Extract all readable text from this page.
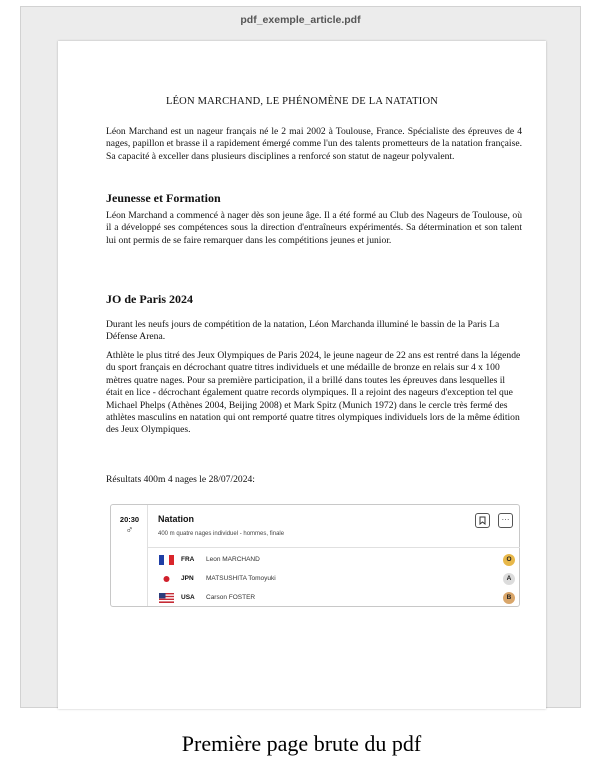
pdf_exemple_article.pdf
LÉON MARCHAND, LE PHÉNOMÈNE DE LA NATATION
Léon Marchand est un nageur français né le 2 mai 2002 à Toulouse, France. Spécialiste des épreuves de 4 nages, papillon et brasse il a rapidement émergé comme l'un des talents prometteurs de la natation française. Sa capacité à exceller dans plusieurs disciplines a renforcé son statut de nageur polyvalent.
Jeunesse et Formation
Léon Marchand a commencé à nager dès son jeune âge. Il a été formé au Club des Nageurs de Toulouse, où il a développé ses compétences sous la direction d'entraîneurs expérimentés. Sa détermination et son talent lui ont permis de se faire remarquer dans les compétitions jeunes et junior.
JO de Paris 2024
Durant les neufs jours de compétition de la natation, Léon Marchanda illuminé le bassin de la Paris La Défense Arena.
Athlète le plus titré des Jeux Olympiques de Paris 2024, le jeune nageur de 22 ans est rentré dans la légende du sport français en décrochant quatre titres individuels et une médaille de bronze en relais sur 4 x 100 mètres quatre nages. Pour sa première participation, il a brillé dans toutes les épreuves dans lesquelles il était en lice - décrochant également quatre records olympiques. Il a rejoint des nageurs d'exception tel que Michael Phelps (Athènes 2004, Beijing 2008) et Mark Spitz (Munich 1972) dans le cercle très fermé des athlètes masculins en natation qui ont remporté quatre titres olympiques individuels lors de la même édition des Jeux Olympiques.
Résultats 400m 4 nages le 28/07/2024:
20:30
♂
Natation
400 m quatre nages individuel - hommes, finale
···
FRA Leon MARCHAND	O
JPN MATSUSHITA Tomoyuki	A
USA Carson FOSTER	B
Première page brute du pdf
